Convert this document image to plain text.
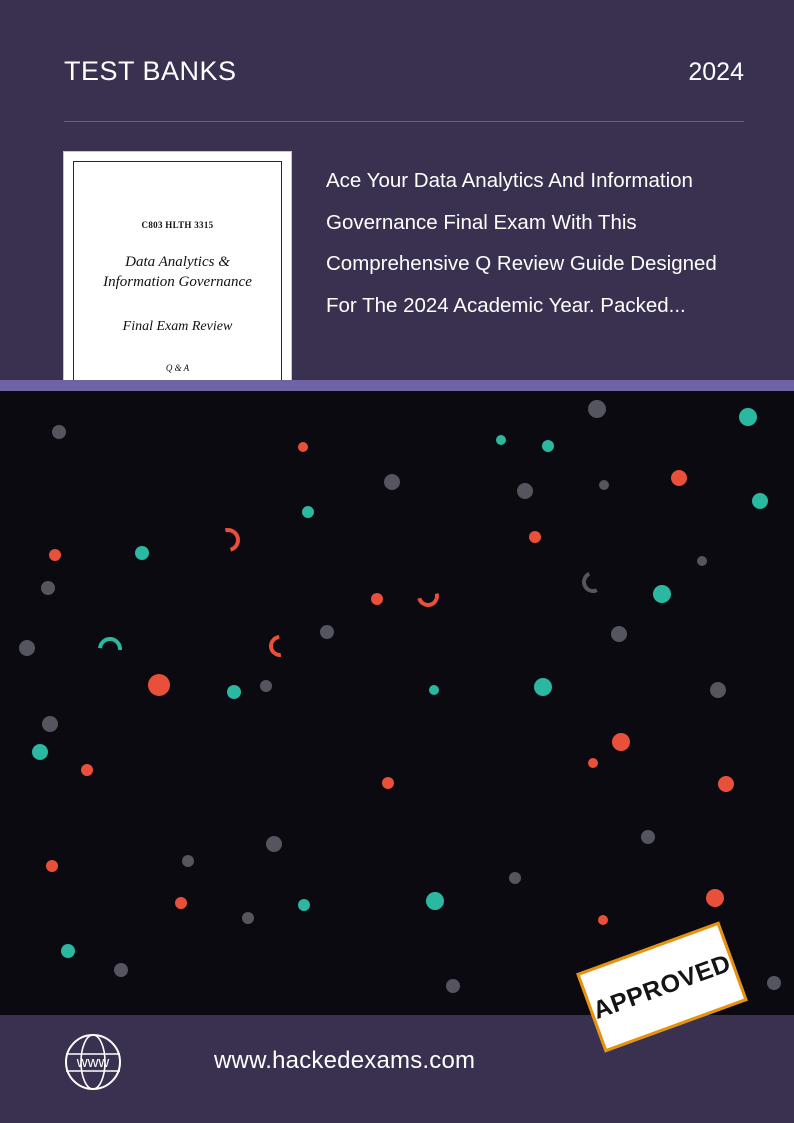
TEST BANKS	2024
C803 HLTH 3315
Data Analytics & Information Governance
Final Exam Review
Q & A
Ace Your Data Analytics And Information Governance Final Exam With This Comprehensive Q Review Guide Designed For The 2024 Academic Year. Packed...
APPROVED
www	www.hackedexams.com
